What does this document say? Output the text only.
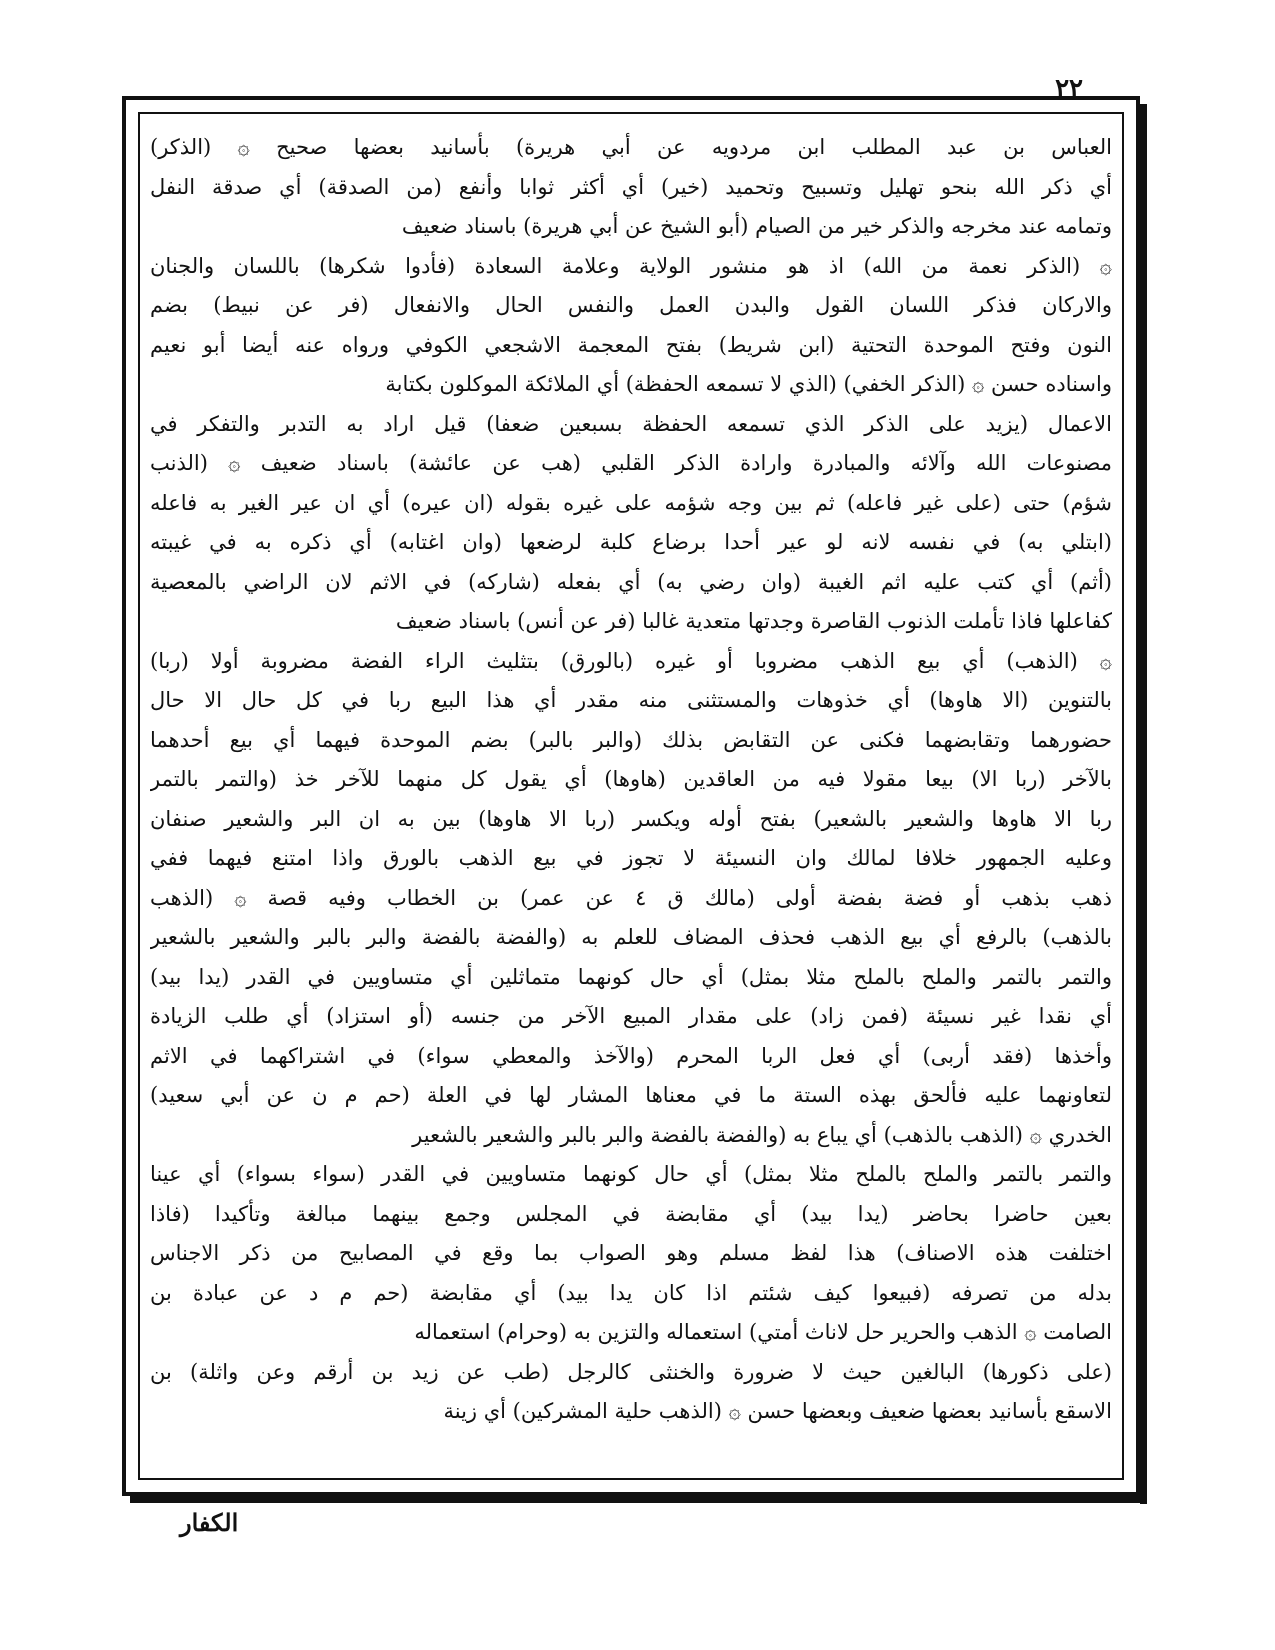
٢٢
العباس بن عبد المطلب ابن مردويه عن أبي هريرة) بأسانيد بعضها صحيح ۞ (الذكر)
أي ذكر الله بنحو تهليل وتسبيح وتحميد (خير) أي أكثر ثوابا وأنفع (من الصدقة) أي صدقة النفل
وتمامه عند مخرجه والذكر خير من الصيام (أبو الشيخ عن أبي هريرة) باسناد ضعيف
۞ (الذكر نعمة من الله) اذ هو منشور الولاية وعلامة السعادة (فأدوا شكرها) باللسان والجنان
والاركان فذكر اللسان القول والبدن العمل والنفس الحال والانفعال (فر عن نبيط) بضم
النون وفتح الموحدة التحتية (ابن شريط) بفتح المعجمة الاشجعي الكوفي ورواه عنه أيضا أبو نعيم
واسناده حسن ۞ (الذكر الخفي) (الذي لا تسمعه الحفظة) أي الملائكة الموكلون بكتابة
الاعمال (يزيد على الذكر الذي تسمعه الحفظة بسبعين ضعفا) قيل اراد به التدبر والتفكر في
مصنوعات الله وآلائه والمبادرة وارادة الذكر القلبي (هب عن عائشة) باسناد ضعيف ۞ (الذنب
شؤم) حتى (على غير فاعله) ثم بين وجه شؤمه على غيره بقوله (ان عيره) أي ان عير الغير به فاعله
(ابتلي به) في نفسه لانه لو عير أحدا برضاع كلبة لرضعها (وان اغتابه) أي ذكره به في غيبته
(أثم) أي كتب عليه اثم الغيبة (وان رضي به) أي بفعله (شاركه) في الاثم لان الراضي بالمعصية
كفاعلها فاذا تأملت الذنوب القاصرة وجدتها متعدية غالبا (فر عن أنس) باسناد ضعيف
۞ (الذهب) أي بيع الذهب مضروبا أو غيره (بالورق) بتثليث الراء الفضة مضروبة أولا (ربا)
بالتنوين (الا هاوها) أي خذوهات والمستثنى منه مقدر أي هذا البيع ربا في كل حال الا حال
حضورهما وتقابضهما فكنى عن التقابض بذلك (والبر بالبر) بضم الموحدة فيهما أي بيع أحدهما
بالآخر (ربا الا) بيعا مقولا فيه من العاقدين (هاوها) أي يقول كل منهما للآخر خذ (والتمر بالتمر
ربا الا هاوها والشعير بالشعير) بفتح أوله ويكسر (ربا الا هاوها) بين به ان البر والشعير صنفان
وعليه الجمهور خلافا لمالك وان النسيئة لا تجوز في بيع الذهب بالورق واذا امتنع فيهما ففي
ذهب بذهب أو فضة بفضة أولى (مالك ق ٤ عن عمر) بن الخطاب وفيه قصة ۞ (الذهب
بالذهب) بالرفع أي بيع الذهب فحذف المضاف للعلم به (والفضة بالفضة والبر بالبر والشعير بالشعير
والتمر بالتمر والملح بالملح مثلا بمثل) أي حال كونهما متماثلين أي متساويين في القدر (يدا بيد)
أي نقدا غير نسيئة (فمن زاد) على مقدار المبيع الآخر من جنسه (أو استزاد) أي طلب الزيادة
وأخذها (فقد أربى) أي فعل الربا المحرم (والآخذ والمعطي سواء) في اشتراكهما في الاثم
لتعاونهما عليه فألحق بهذه الستة ما في معناها المشار لها في العلة (حم م ن عن أبي سعيد)
الخدري ۞ (الذهب بالذهب) أي يباع به (والفضة بالفضة والبر بالبر والشعير بالشعير
والتمر بالتمر والملح بالملح مثلا بمثل) أي حال كونهما متساويين في القدر (سواء بسواء) أي عينا
بعين حاضرا بحاضر (يدا بيد) أي مقابضة في المجلس وجمع بينهما مبالغة وتأكيدا (فاذا
اختلفت هذه الاصناف) هذا لفظ مسلم وهو الصواب بما وقع في المصابيح من ذكر الاجناس
بدله من تصرفه (فبيعوا كيف شئتم اذا كان يدا بيد) أي مقابضة (حم م د عن عبادة بن
الصامت ۞ الذهب والحرير حل لاناث أمتي) استعماله والتزين به (وحرام) استعماله
(على ذكورها) البالغين حيث لا ضرورة والخنثى كالرجل (طب عن زيد بن أرقم وعن واثلة) بن
الاسقع بأسانيد بعضها ضعيف وبعضها حسن ۞ (الذهب حلية المشركين) أي زينة
الكفار
